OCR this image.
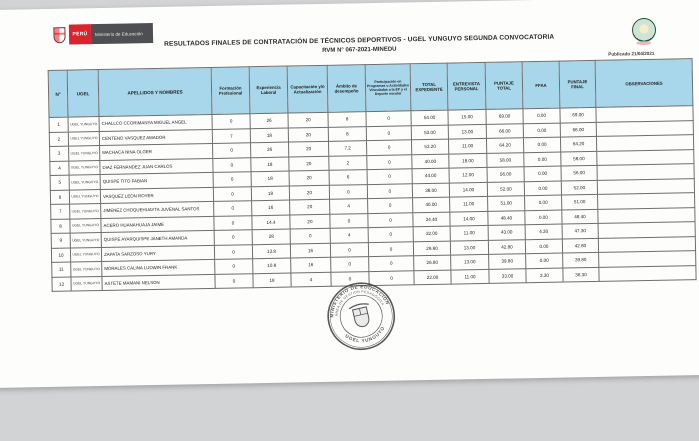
PERÚ	Ministerio de Educación
RESULTADOS FINALES DE CONTRATACIÓN DE TÉCNICOS DEPORTIVOS - UGEL YUNGUYO SEGUNDA CONVOCATORIA
RVM N° 067-2021-MINEDU	Publicado 21/04/2021
N°	UGEL	APELLIDOS Y NOMBRES	Formación Profesional	Experiencia Laboral	Capacitación y/o Actualización	Ámbito de desempeño	Participación en Programas o Actividades Vinculadas a la EF y el Deporte escolar	TOTAL EXPEDIENTE	ENTREVISTA PERSONAL	PUNTAJE TOTAL	FFAA	PUNTAJE FINAL	OBSERVACIONES
1	UGEL YUNGUYO	CHALLCO CCORIMANYA MIGUEL ANGEL	0	26	20	8	0	54.00	15.00	69.00	0.00	69.00	
2	UGEL YUNGUYO	CENTENO VASQUEZ AMADOR	7	18	20	8	0	53.00	13.00	66.00	0.00	66.00	
3	UGEL YUNGUYO	MACHACA NINA OLGER	0	26	20	7.2	0	53.20	11.00	64.20	0.00	64.20	
4	UGEL YUNGUYO	DIAZ FERNANDEZ JUAN CARLOS	0	18	20	2	0	40.00	18.00	58.00	0.00	58.00	
5	UGEL YUNGUYO	QUISPE TITO FABIAN	0	18	20	6	0	44.00	12.00	56.00	0.00	56.00	
6	UGEL YUNGUYO	VASQUEZ LEON ROYER	0	18	20	0	0	38.00	14.00	52.00	0.00	52.00	
7	UGEL YUNGUYO	JIMENEZ CHOQUEHUAYTA JUVENAL SANTOS	0	16	20	4	0	40.00	11.00	51.00	0.00	51.00	
8	UGEL YUNGUYO	ACERO HUANAHUAJA JAIME	0	14.4	20	0	0	34.40	14.00	48.40	0.00	48.40	
9	UGEL YUNGUYO	QUISPE AYARQUISPE JANETH AMANDA	0	28	0	4	0	32.00	11.00	43.00	4.30	47.30	
10	UGEL YUNGUYO	ZAPATA SARZOSO YURY	0	13.8	16	0	0	29.80	13.00	42.80	0.00	42.80	
11	UGEL YUNGUYO	MORALES CALINA LUDWIN FRANK	0	10.8	16	0	0	26.80	13.00	39.80	0.00	39.80	
12	UGEL YUNGUYO	ASTETE MAMANI NELSON	0	18	4	0	0	22.00	11.00	33.00	3.30	36.30	
MINISTERIO DE EDUCACIÓN
ÁREA DE GESTIÓN PEDAGÓGICA
UGEL YUNGUYO
